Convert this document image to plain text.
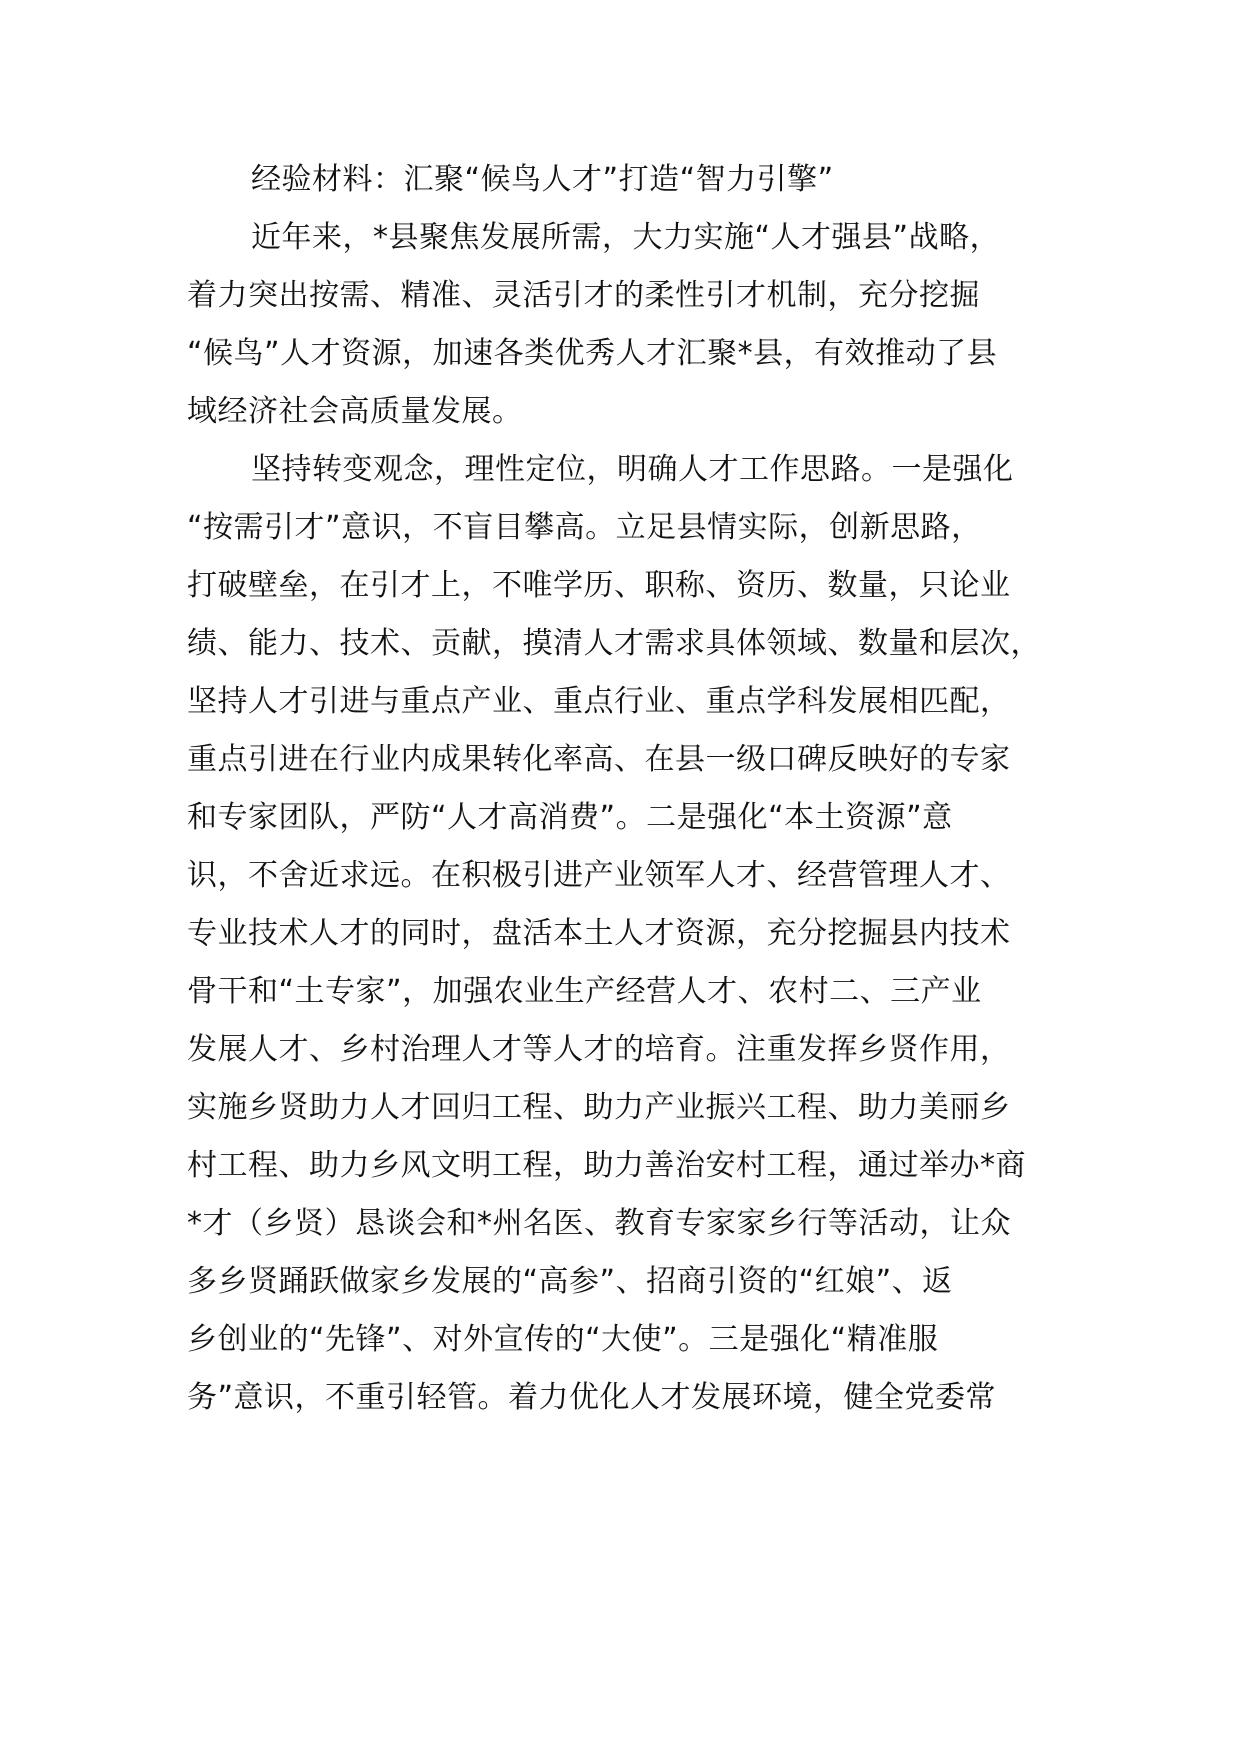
经验材料：汇聚“候鸟人才”打造“智力引擎”
近年来，*县聚焦发展所需，大力实施“人才强县”战略，
着力突出按需、精准、灵活引才的柔性引才机制，充分挖掘
“候鸟”人才资源，加速各类优秀人才汇聚*县，有效推动了县
域经济社会高质量发展。
坚持转变观念，理性定位，明确人才工作思路。一是强化
“按需引才”意识，不盲目攀高。立足县情实际，创新思路，
打破壁垒，在引才上，不唯学历、职称、资历、数量，只论业
绩、能力、技术、贡献，摸清人才需求具体领域、数量和层次，
坚持人才引进与重点产业、重点行业、重点学科发展相匹配，
重点引进在行业内成果转化率高、在县一级口碑反映好的专家
和专家团队，严防“人才高消费”。二是强化“本土资源”意
识，不舍近求远。在积极引进产业领军人才、经营管理人才、
专业技术人才的同时，盘活本土人才资源，充分挖掘县内技术
骨干和“土专家”，加强农业生产经营人才、农村二、三产业
发展人才、乡村治理人才等人才的培育。注重发挥乡贤作用，
实施乡贤助力人才回归工程、助力产业振兴工程、助力美丽乡
村工程、助力乡风文明工程，助力善治安村工程，通过举办*商
*才（乡贤）恳谈会和*州名医、教育专家家乡行等活动，让众
多乡贤踊跃做家乡发展的“高参”、招商引资的“红娘”、返
乡创业的“先锋”、对外宣传的“大使”。三是强化“精准服
务”意识，不重引轻管。着力优化人才发展环境，健全党委常
